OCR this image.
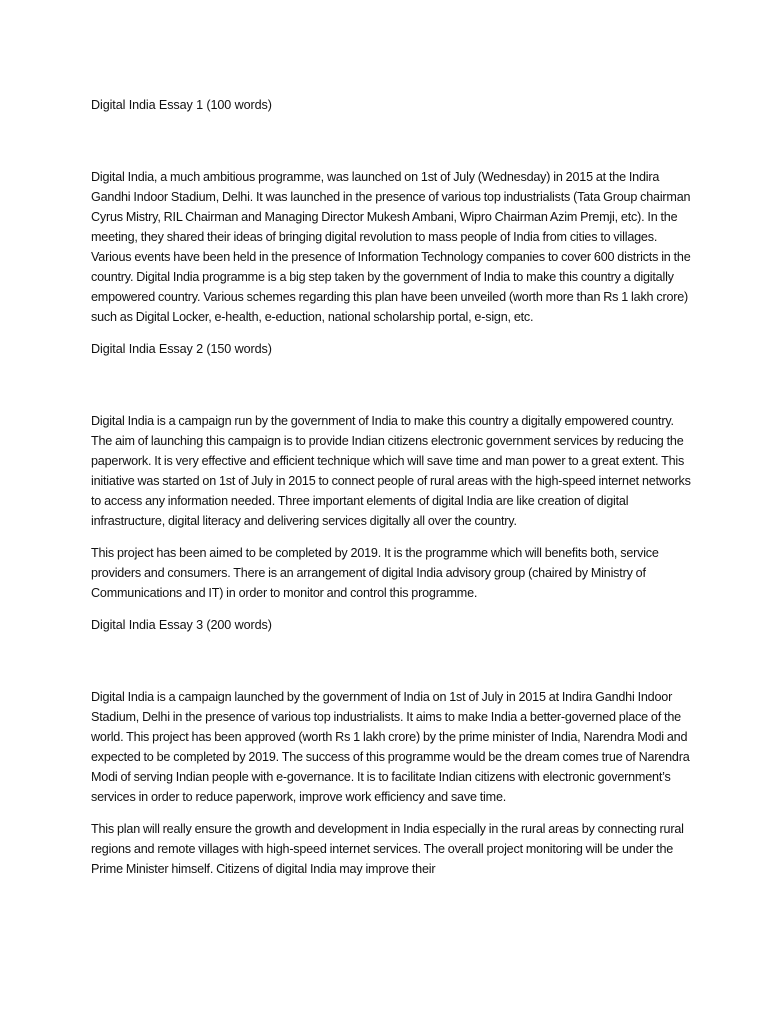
Digital India Essay 1 (100 words)

Digital India, a much ambitious programme, was launched on 1st of July (Wednesday) in 2015 at the Indira Gandhi Indoor Stadium, Delhi. It was launched in the presence of various top industrialists (Tata Group chairman Cyrus Mistry, RIL Chairman and Managing Director Mukesh Ambani, Wipro Chairman Azim Premji, etc). In the meeting, they shared their ideas of bringing digital revolution to mass people of India from cities to villages. Various events have been held in the presence of Information Technology companies to cover 600 districts in the country. Digital India programme is a big step taken by the government of India to make this country a digitally empowered country. Various schemes regarding this plan have been unveiled (worth more than Rs 1 lakh crore) such as Digital Locker, e-health, e-eduction, national scholarship portal, e-sign, etc.

Digital India Essay 2 (150 words)

Digital India is a campaign run by the government of India to make this country a digitally empowered country. The aim of launching this campaign is to provide Indian citizens electronic government services by reducing the paperwork. It is very effective and efficient technique which will save time and man power to a great extent. This initiative was started on 1st of July in 2015 to connect people of rural areas with the high-speed internet networks to access any information needed. Three important elements of digital India are like creation of digital infrastructure, digital literacy and delivering services digitally all over the country.

This project has been aimed to be completed by 2019. It is the programme which will benefits both, service providers and consumers. There is an arrangement of digital India advisory group (chaired by Ministry of Communications and IT) in order to monitor and control this programme.

Digital India Essay 3 (200 words)

Digital India is a campaign launched by the government of India on 1st of July in 2015 at Indira Gandhi Indoor Stadium, Delhi in the presence of various top industrialists. It aims to make India a better-governed place of the world. This project has been approved (worth Rs 1 lakh crore) by the prime minister of India, Narendra Modi and expected to be completed by 2019. The success of this programme would be the dream comes true of Narendra Modi of serving Indian people with e-governance. It is to facilitate Indian citizens with electronic government’s services in order to reduce paperwork, improve work efficiency and save time.

This plan will really ensure the growth and development in India especially in the rural areas by connecting rural regions and remote villages with high-speed internet services. The overall project monitoring will be under the Prime Minister himself. Citizens of digital India may improve their
